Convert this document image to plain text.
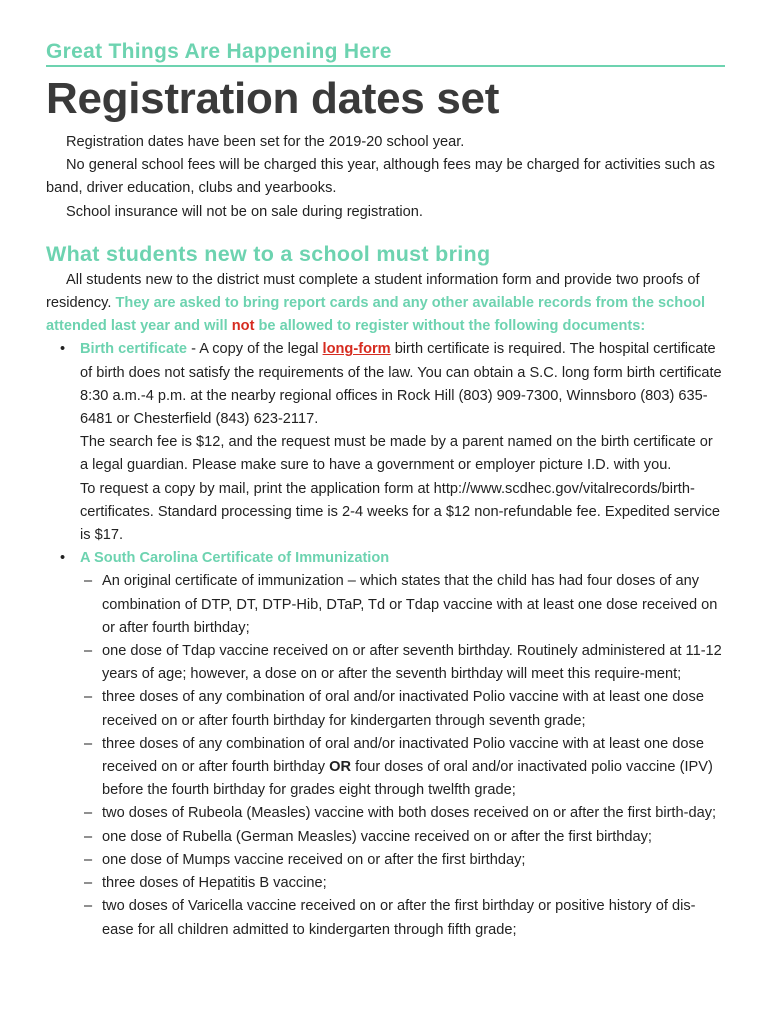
Great Things Are Happening Here
Registration dates set

Registration dates have been set for the 2019-20 school year.

No general school fees will be charged this year, although fees may be charged for activities such as band, driver education, clubs and yearbooks.

School insurance will not be on sale during registration.

What students new to a school must bring

All students new to the district must complete a student information form and provide two proofs of residency. They are asked to bring report cards and any other available records from the school attended last year and will not be allowed to register without the following documents:

• Birth certificate - A copy of the legal long-form birth certificate is required. The hospital certificate of birth does not satisfy the requirements of the law. You can obtain a S.C. long form birth certificate 8:30 a.m.-4 p.m. at the nearby regional offices in Rock Hill (803) 909-7300, Winnsboro (803) 635-6481 or Chesterfield (843) 623-2117.
The search fee is $12, and the request must be made by a parent named on the birth certificate or a legal guardian. Please make sure to have a government or employer picture I.D. with you.
To request a copy by mail, print the application form at http://www.scdhec.gov/vitalrecords/birth-certificates. Standard processing time is 2-4 weeks for a $12 non-refundable fee. Expedited service is $17.
• A South Carolina Certificate of Immunization
– An original certificate of immunization – which states that the child has had four doses of any combination of DTP, DT, DTP-Hib, DTaP, Td or Tdap vaccine with at least one dose received on or after fourth birthday;
– one dose of Tdap vaccine received on or after seventh birthday. Routinely administered at 11-12 years of age; however, a dose on or after the seventh birthday will meet this require-ment;
– three doses of any combination of oral and/or inactivated Polio vaccine with at least one dose received on or after fourth birthday for kindergarten through seventh grade;
– three doses of any combination of oral and/or inactivated Polio vaccine with at least one dose received on or after fourth birthday OR four doses of oral and/or inactivated polio vaccine (IPV) before the fourth birthday for grades eight through twelfth grade;
– two doses of Rubeola (Measles) vaccine with both doses received on or after the first birth-day;
– one dose of Rubella (German Measles) vaccine received on or after the first birthday;
– one dose of Mumps vaccine received on or after the first birthday;
– three doses of Hepatitis B vaccine;
– two doses of Varicella vaccine received on or after the first birthday or positive history of dis-ease for all children admitted to kindergarten through fifth grade;
